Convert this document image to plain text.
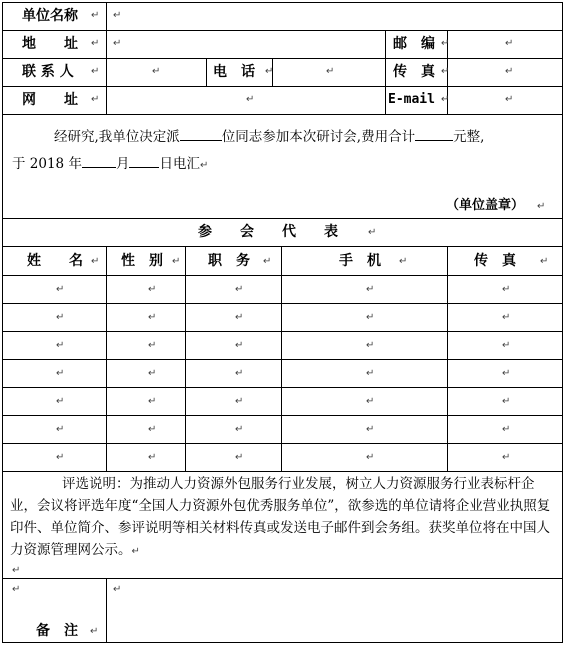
单位名称	↵
↵
地　　址 ↵ ↵	邮　编 ↵	↵
联 系 人 ↵	↵	电　话 ↵	↵	传　真 ↵	↵
网　　址 ↵	↵	E-mail ↵	↵
经研究,我单位决定派	位同志参加本次研讨会,费用合计	元整,
于 2018 年	月 日电汇↵
（单位盖章） ↵
参　　会　　代　　表	↵
姓　　名	性　别	职　务	手　机	传　真
↵	↵	↵	↵	↵
↵	↵	↵	↵	↵
↵	↵	↵	↵	↵
↵	↵	↵	↵	↵
↵	↵	↵	↵	↵
↵	↵	↵	↵	↵
↵	↵	↵	↵	↵
↵	↵	↵	↵	↵
评选说明：为推动人力资源外包服务行业发展，树立人力资源服务行业表标杆企业，会议将评选年度“全国人力资源外包优秀服务单位”，欲参选的单位请将企业营业执照复印件、单位简介、参评说明等相关材料传真或发送电子邮件到会务组。获奖单位将在中国人力资源管理网公示。↵
↵
↵
备　注 ↵
↵
